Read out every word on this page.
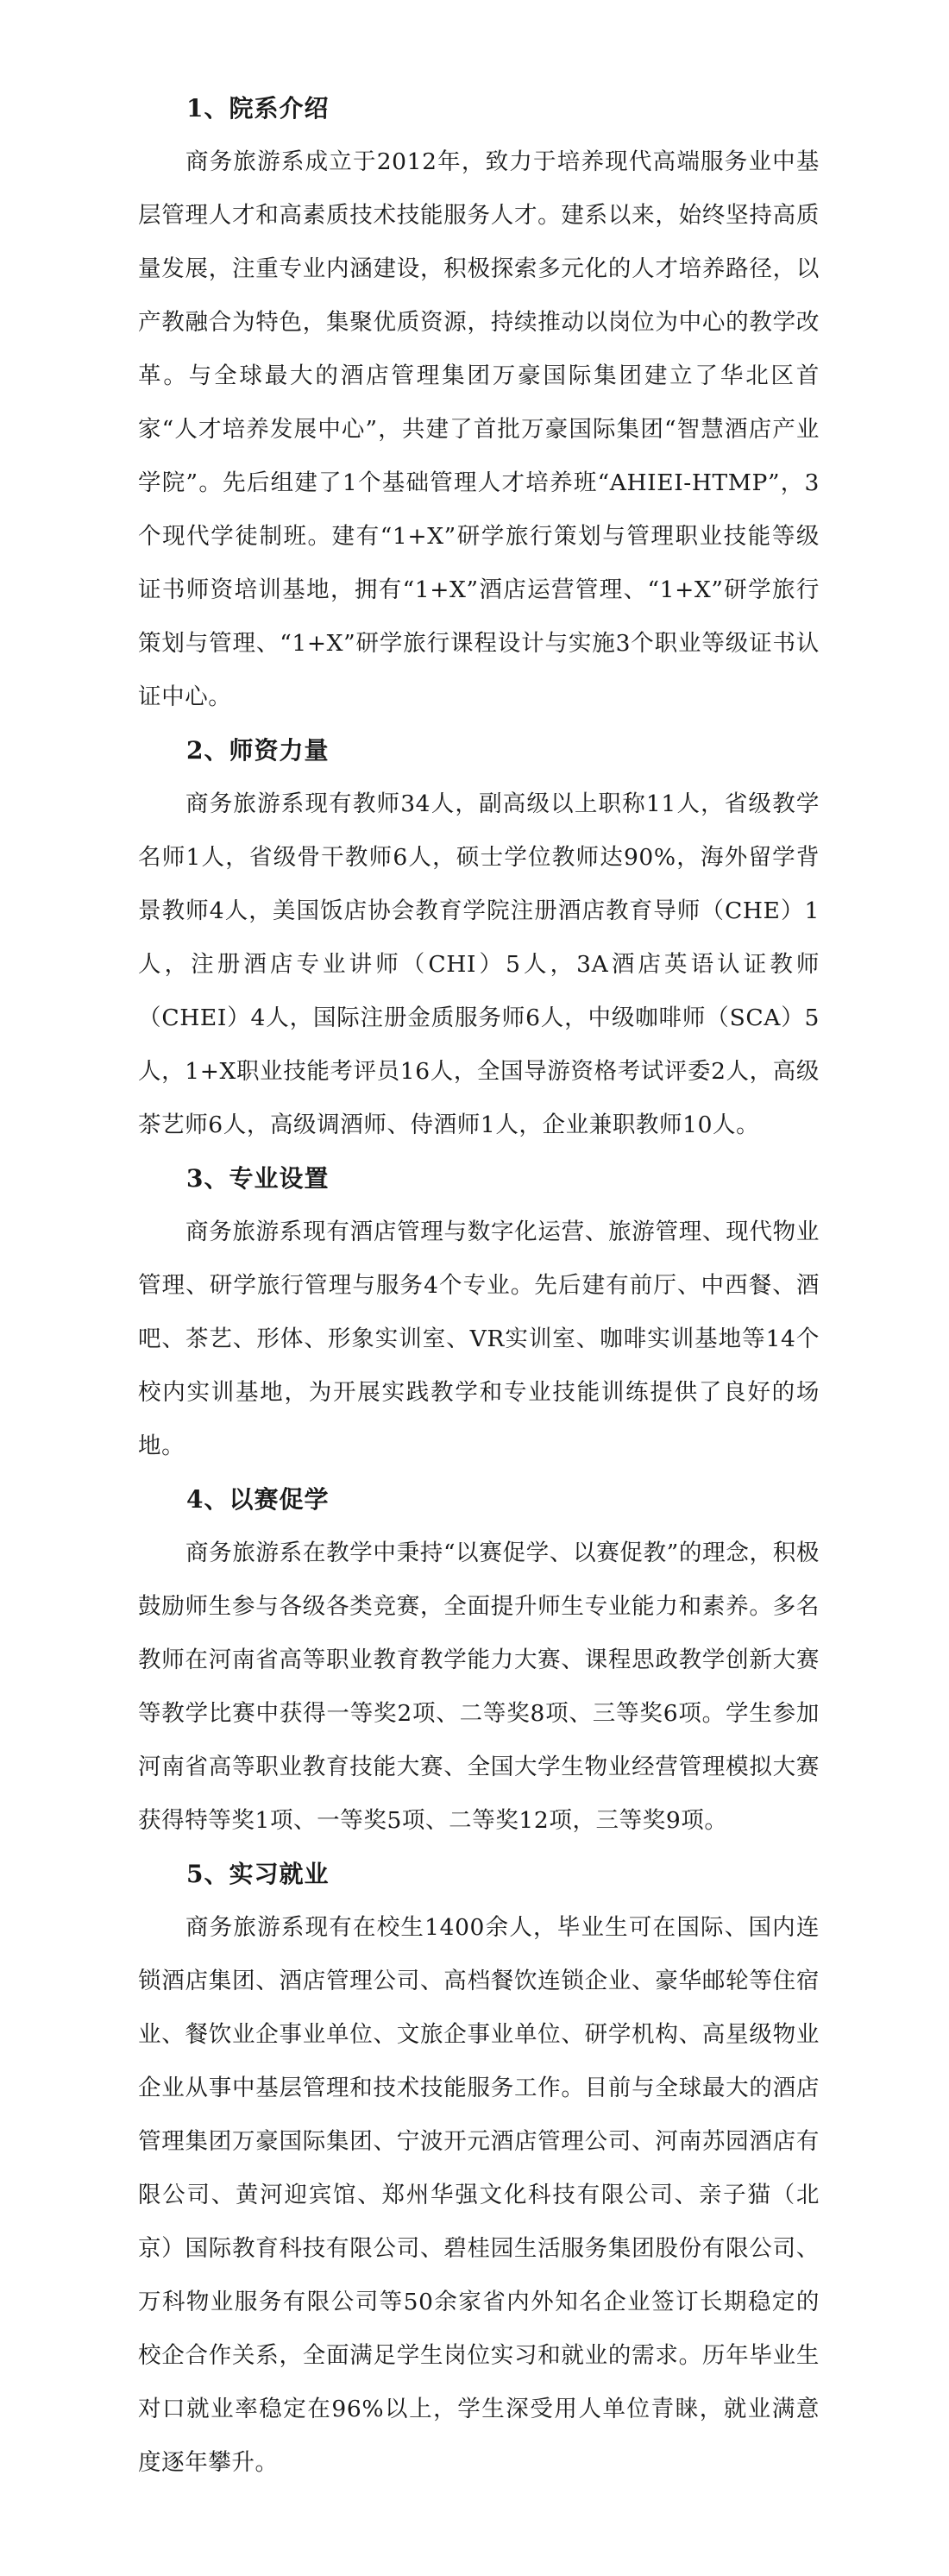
1、院系介绍

商务旅游系成立于2012年，致力于培养现代高端服务业中基层管理人才和高素质技术技能服务人才。建系以来，始终坚持高质量发展，注重专业内涵建设，积极探索多元化的人才培养路径，以产教融合为特色，集聚优质资源，持续推动以岗位为中心的教学改革。与全球最大的酒店管理集团万豪国际集团建立了华北区首家“人才培养发展中心”，共建了首批万豪国际集团“智慧酒店产业学院”。先后组建了1个基础管理人才培养班“AHIEI-HTMP”，3个现代学徒制班。建有“1+X”研学旅行策划与管理职业技能等级证书师资培训基地，拥有“1+X”酒店运营管理、“1+X”研学旅行策划与管理、“1+X”研学旅行课程设计与实施3个职业等级证书认证中心。

2、师资力量

商务旅游系现有教师34人，副高级以上职称11人，省级教学名师1人，省级骨干教师6人，硕士学位教师达90%，海外留学背景教师4人，美国饭店协会教育学院注册酒店教育导师（CHE）1人，注册酒店专业讲师（CHI）5人，3A酒店英语认证教师（CHEI）4人，国际注册金质服务师6人，中级咖啡师（SCA）5人，1+X职业技能考评员16人，全国导游资格考试评委2人，高级茶艺师6人，高级调酒师、侍酒师1人，企业兼职教师10人。

3、专业设置

商务旅游系现有酒店管理与数字化运营、旅游管理、现代物业管理、研学旅行管理与服务4个专业。先后建有前厅、中西餐、酒吧、茶艺、形体、形象实训室、VR实训室、咖啡实训基地等14个校内实训基地，为开展实践教学和专业技能训练提供了良好的场地。

4、以赛促学

商务旅游系在教学中秉持“以赛促学、以赛促教”的理念，积极鼓励师生参与各级各类竞赛，全面提升师生专业能力和素养。多名教师在河南省高等职业教育教学能力大赛、课程思政教学创新大赛等教学比赛中获得一等奖2项、二等奖8项、三等奖6项。学生参加河南省高等职业教育技能大赛、全国大学生物业经营管理模拟大赛获得特等奖1项、一等奖5项、二等奖12项，三等奖9项。

5、实习就业

商务旅游系现有在校生1400余人，毕业生可在国际、国内连锁酒店集团、酒店管理公司、高档餐饮连锁企业、豪华邮轮等住宿业、餐饮业企事业单位、文旅企事业单位、研学机构、高星级物业企业从事中基层管理和技术技能服务工作。目前与全球最大的酒店管理集团万豪国际集团、宁波开元酒店管理公司、河南苏园酒店有限公司、黄河迎宾馆、郑州华强文化科技有限公司、亲子猫（北京）国际教育科技有限公司、碧桂园生活服务集团股份有限公司、万科物业服务有限公司等50余家省内外知名企业签订长期稳定的校企合作关系，全面满足学生岗位实习和就业的需求。历年毕业生对口就业率稳定在96%以上，学生深受用人单位青睐，就业满意度逐年攀升。
